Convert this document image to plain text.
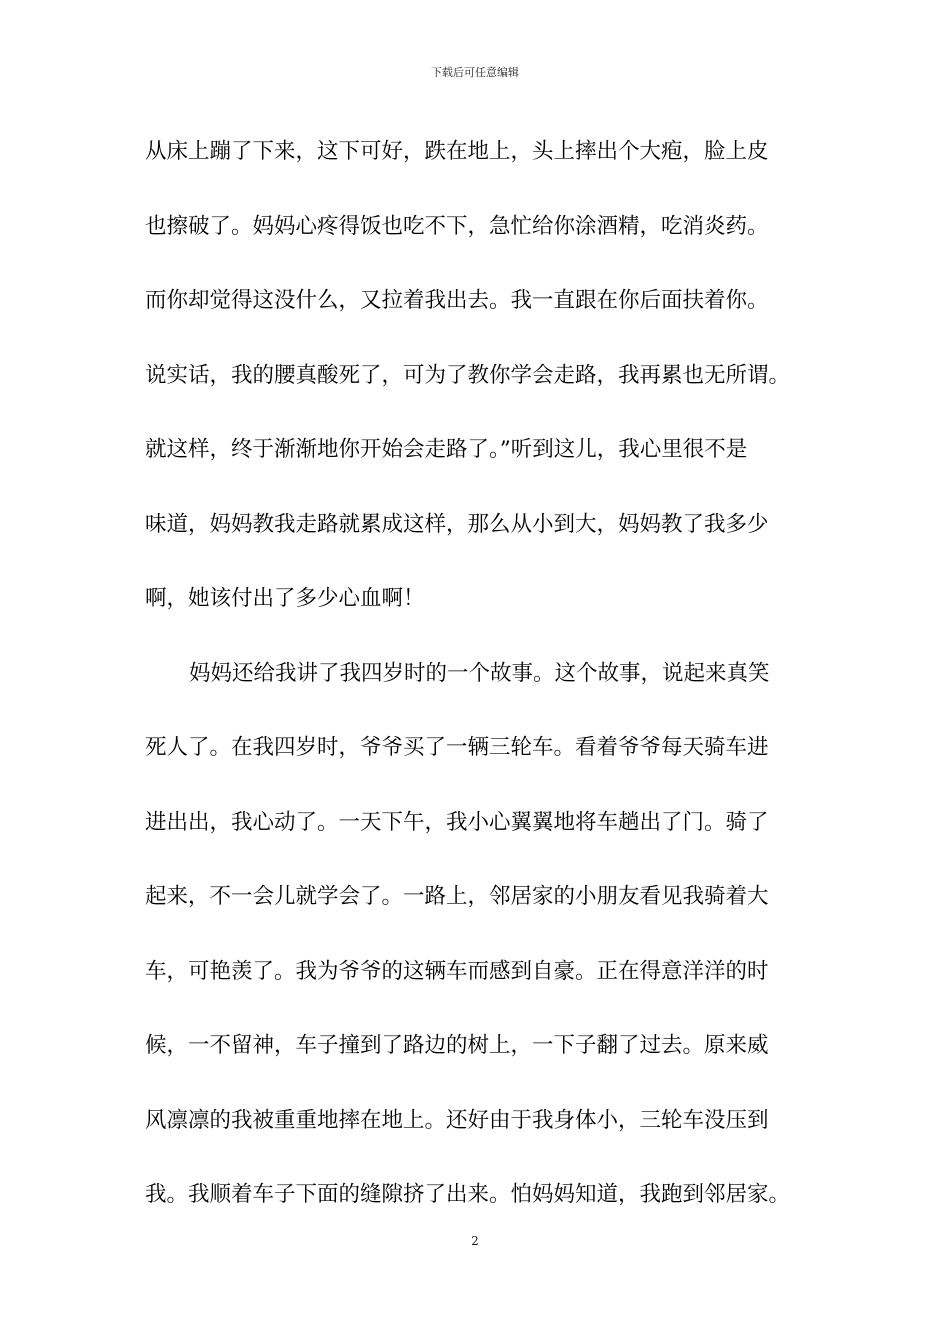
下载后可任意编辑
从床上蹦了下来，这下可好，跌在地上，头上摔出个大疱，脸上皮
也擦破了。妈妈心疼得饭也吃不下，急忙给你涂酒精，吃消炎药。
而你却觉得这没什么，又拉着我出去。我一直跟在你后面扶着你。
说实话，我的腰真酸死了，可为了教你学会走路，我再累也无所谓。
就这样，终于渐渐地你开始会走路了。”听到这儿，我心里很不是
味道，妈妈教我走路就累成这样，那么从小到大，妈妈教了我多少
啊，她该付出了多少心血啊！
妈妈还给我讲了我四岁时的一个故事。这个故事，说起来真笑
死人了。在我四岁时，爷爷买了一辆三轮车。看着爷爷每天骑车进
进出出，我心动了。一天下午，我小心翼翼地将车趟出了门。骑了
起来，不一会儿就学会了。一路上，邻居家的小朋友看见我骑着大
车，可艳羡了。我为爷爷的这辆车而感到自豪。正在得意洋洋的时
候，一不留神，车子撞到了路边的树上，一下子翻了过去。原来威
风凛凛的我被重重地摔在地上。还好由于我身体小，三轮车没压到
我。我顺着车子下面的缝隙挤了出来。怕妈妈知道，我跑到邻居家。
2
